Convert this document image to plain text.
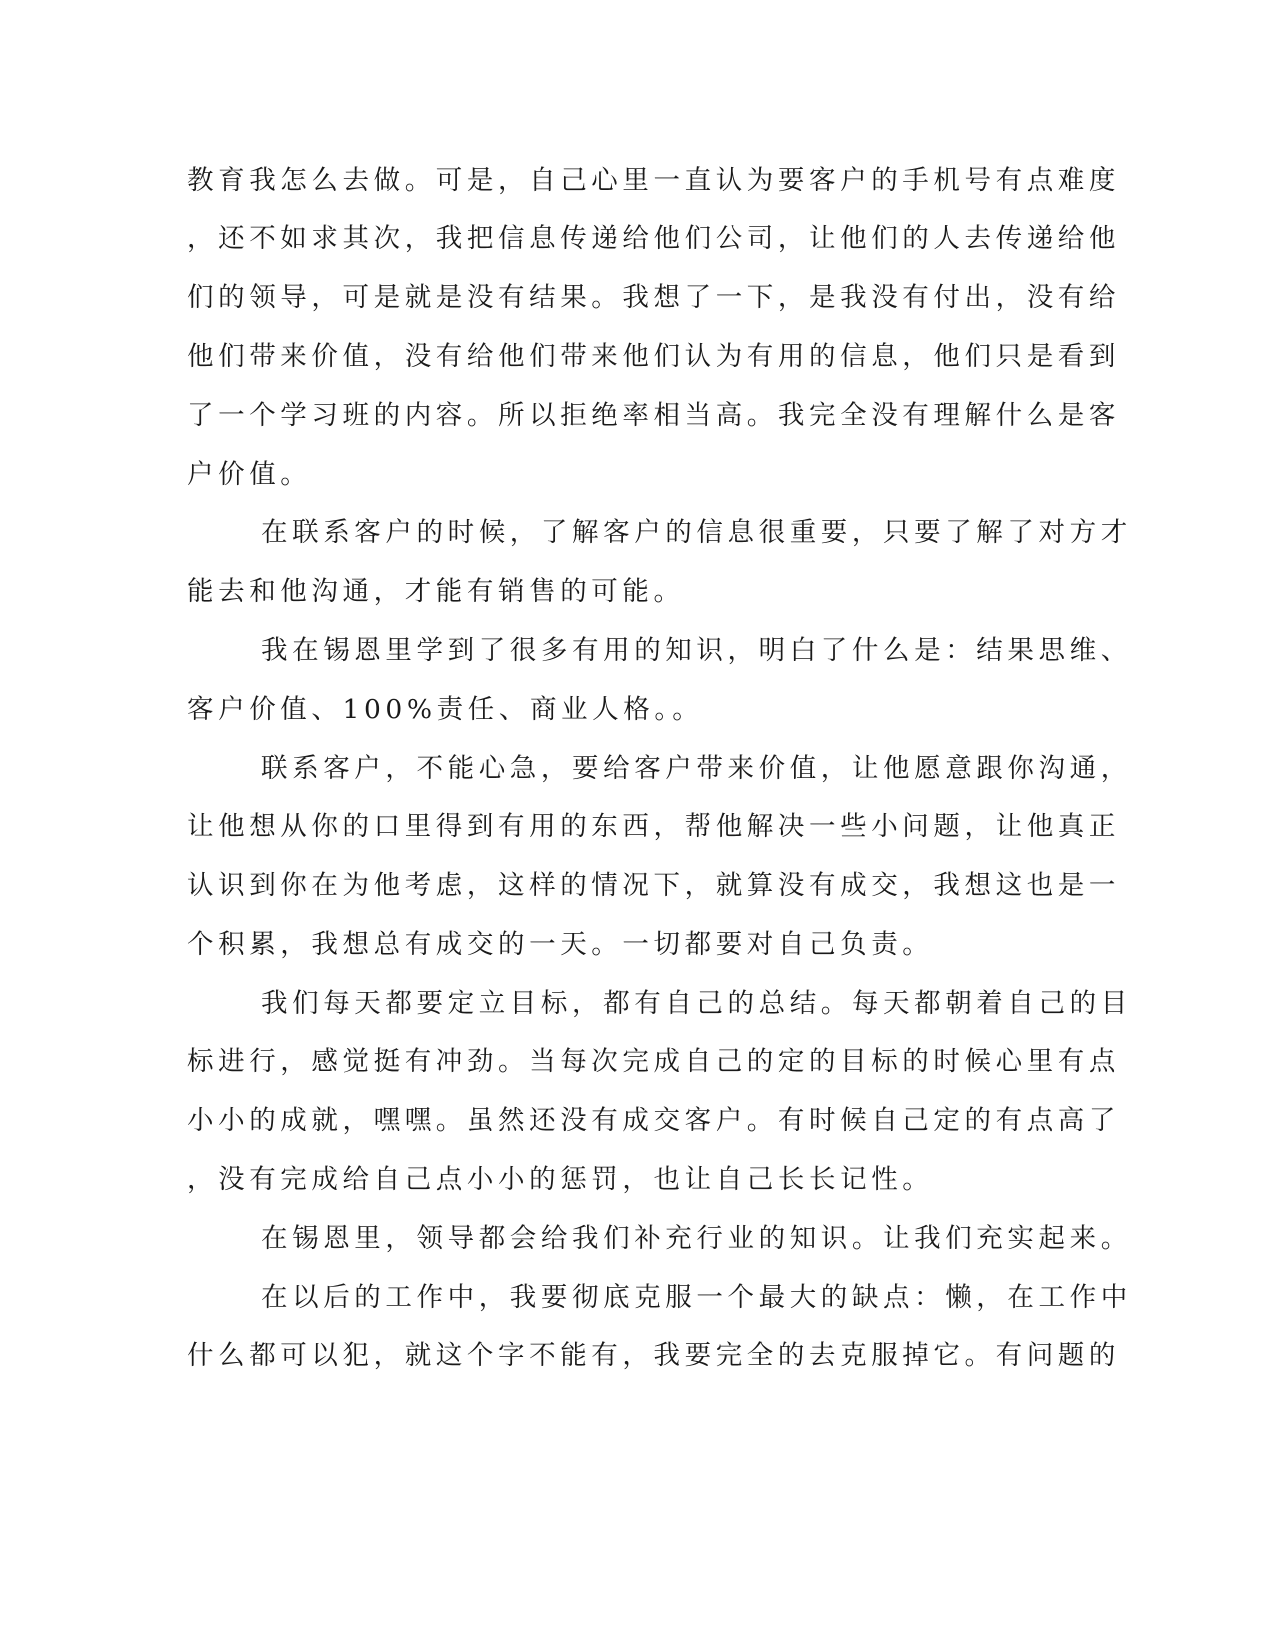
教育我怎么去做。可是，自己心里一直认为要客户的手机号有点难度
，还不如求其次，我把信息传递给他们公司，让他们的人去传递给他
们的领导，可是就是没有结果。我想了一下，是我没有付出，没有给
他们带来价值，没有给他们带来他们认为有用的信息，他们只是看到
了一个学习班的内容。所以拒绝率相当高。我完全没有理解什么是客
户价值。
在联系客户的时候，了解客户的信息很重要，只要了解了对方才
能去和他沟通，才能有销售的可能。
我在锡恩里学到了很多有用的知识，明白了什么是：结果思维、
客户价值、100%责任、商业人格。。
联系客户，不能心急，要给客户带来价值，让他愿意跟你沟通，
让他想从你的口里得到有用的东西，帮他解决一些小问题，让他真正
认识到你在为他考虑，这样的情况下，就算没有成交，我想这也是一
个积累，我想总有成交的一天。一切都要对自己负责。
我们每天都要定立目标，都有自己的总结。每天都朝着自己的目
标进行，感觉挺有冲劲。当每次完成自己的定的目标的时候心里有点
小小的成就，嘿嘿。虽然还没有成交客户。有时候自己定的有点高了
，没有完成给自己点小小的惩罚，也让自己长长记性。
在锡恩里，领导都会给我们补充行业的知识。让我们充实起来。
在以后的工作中，我要彻底克服一个最大的缺点：懒，在工作中
什么都可以犯，就这个字不能有，我要完全的去克服掉它。有问题的
